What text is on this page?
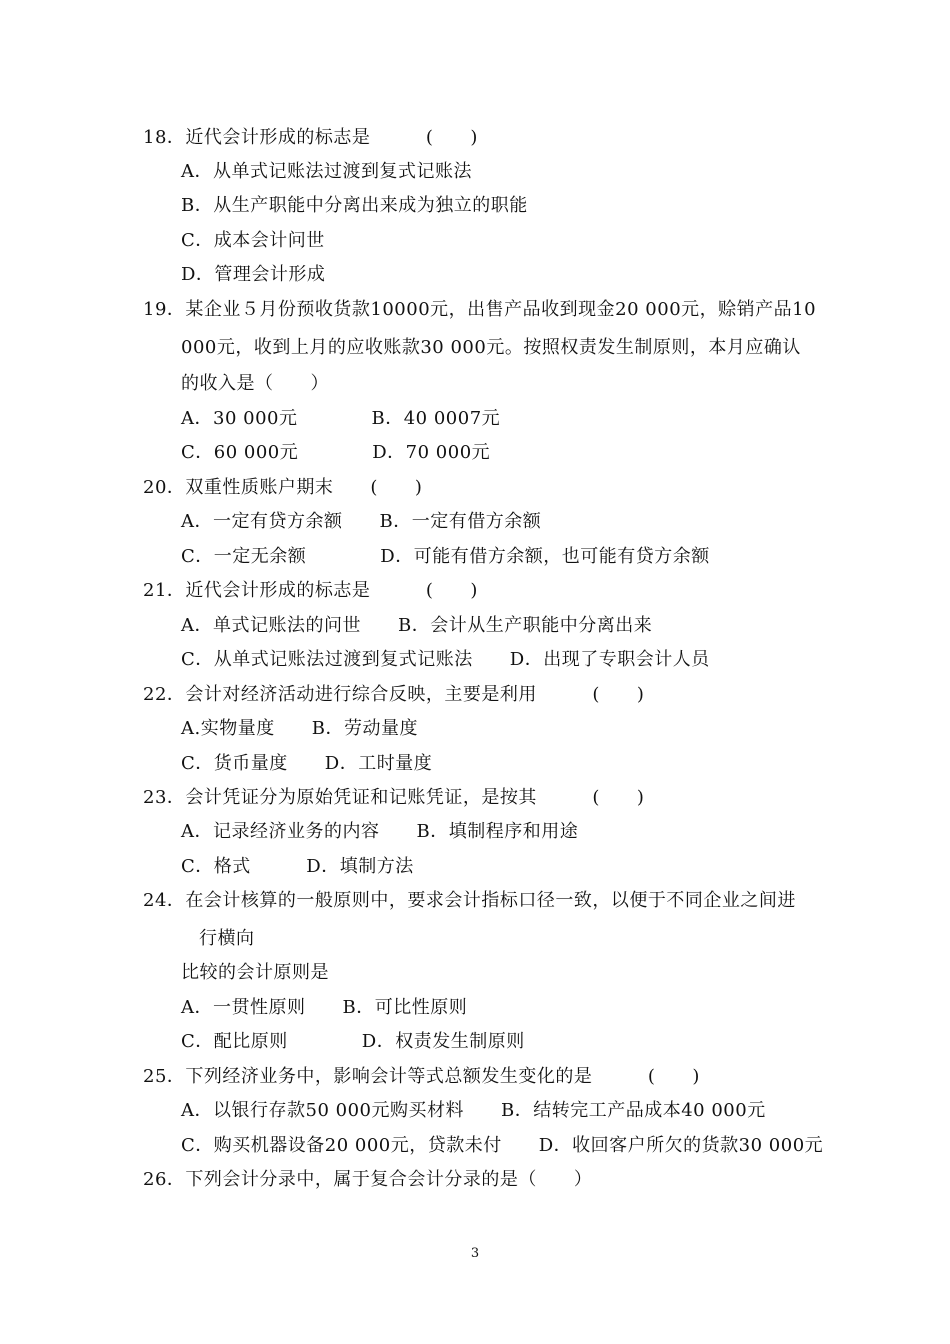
18．近代会计形成的标志是　　　(　　)
A．从单式记账法过渡到复式记账法
B．从生产职能中分离出来成为独立的职能
C．成本会计问世
D．管理会计形成
19．某企业５月份预收货款10000元，出售产品收到现金20 000元，赊销产品10
000元，收到上月的应收账款30 000元。按照权责发生制原则，本月应确认
的收入是（　　）
A．30 000元　　　　B．40 0007元
C．60 000元　　　　D．70 000元
20．双重性质账户期末　　(　　)
A．一定有贷方余额　　B．一定有借方余额
C．一定无余额　　　　D．可能有借方余额，也可能有贷方余额
21．近代会计形成的标志是　　　(　　)
A．单式记账法的问世　　B．会计从生产职能中分离出来
C．从单式记账法过渡到复式记账法　　D．出现了专职会计人员
22．会计对经济活动进行综合反映，主要是利用　　　(　　)
A.实物量度　　B．劳动量度
C．货币量度　　D．工时量度
23．会计凭证分为原始凭证和记账凭证，是按其　　　(　　)
A．记录经济业务的内容　　B．填制程序和用途
C．格式　　　D．填制方法
24．在会计核算的一般原则中，要求会计指标口径一致，以便于不同企业之间进
行横向
比较的会计原则是
A．一贯性原则　　B．可比性原则
C．配比原则　　　　D．权责发生制原则
25．下列经济业务中，影响会计等式总额发生变化的是　　　(　　)
A．以银行存款50 000元购买材料　　B．结转完工产品成本40 000元
C．购买机器设备20 000元，贷款未付　　D．收回客户所欠的货款30 000元
26．下列会计分录中，属于复合会计分录的是（　　）
3
